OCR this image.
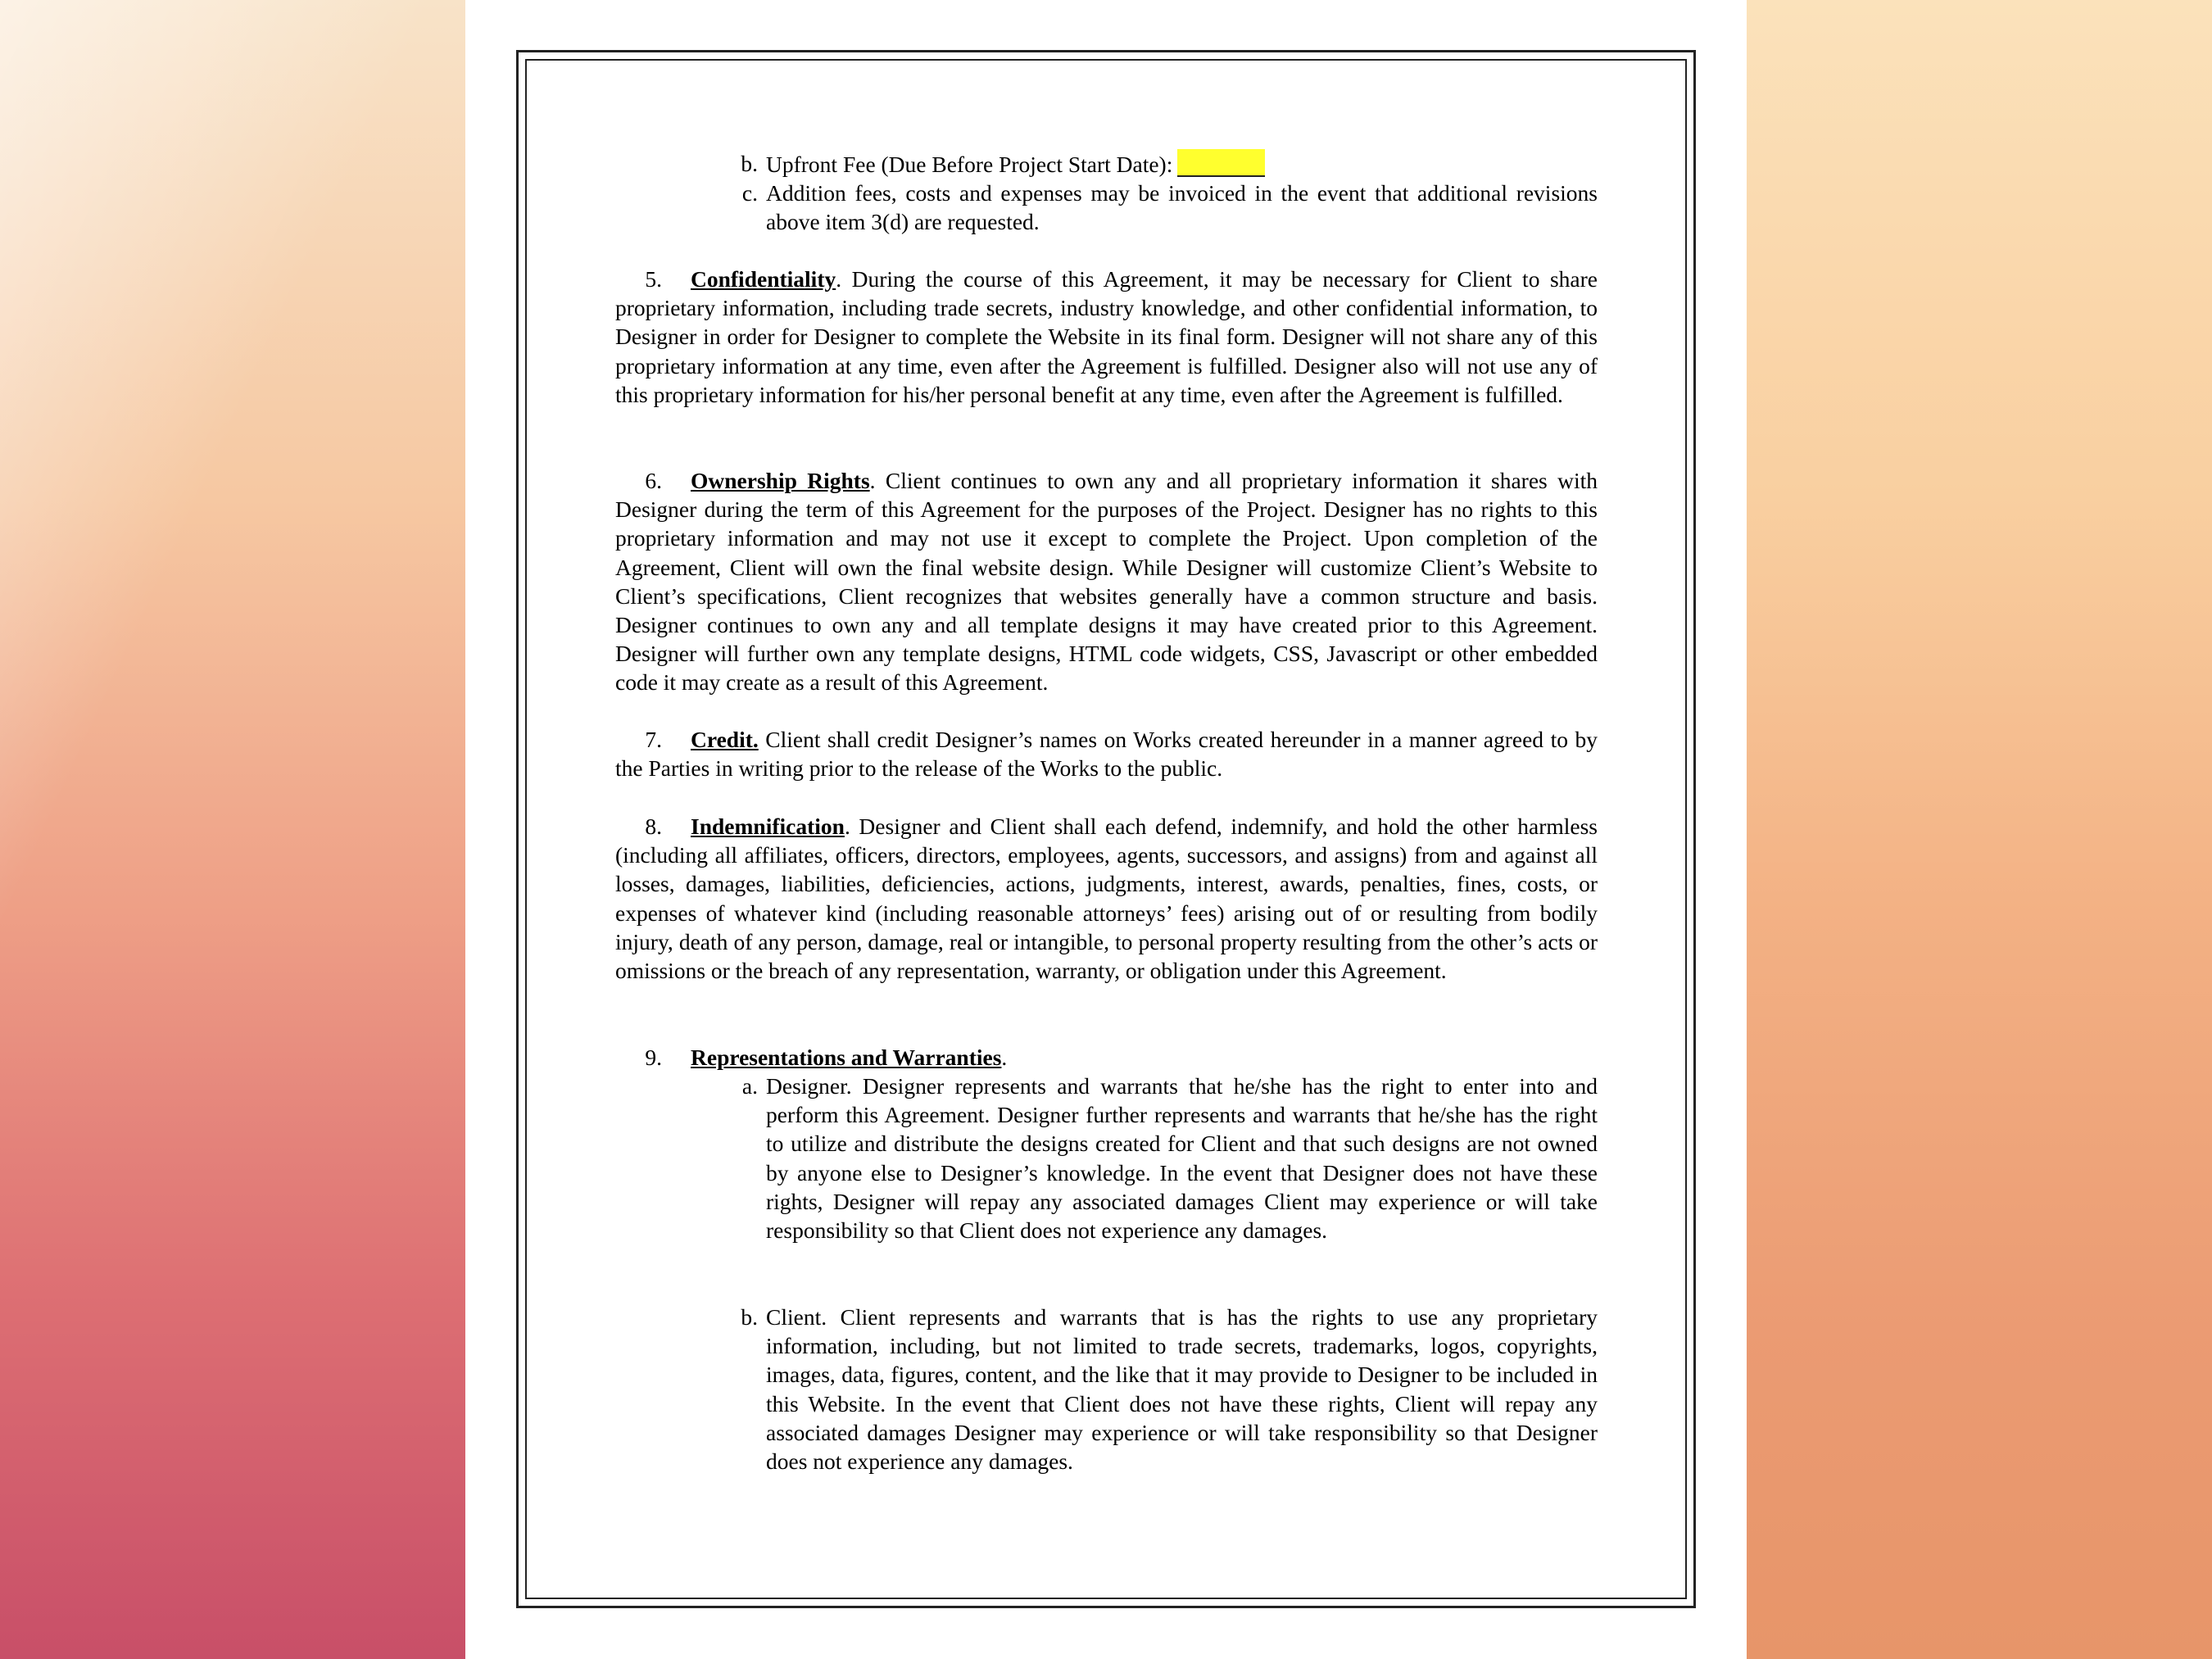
b. Upfront Fee (Due Before Project Start Date):
c. Addition fees, costs and expenses may be invoiced in the event that additional revisions above item 3(d) are requested.
5. Confidentiality. During the course of this Agreement, it may be necessary for Client to share proprietary information, including trade secrets, industry knowledge, and other confidential information, to Designer in order for Designer to complete the Website in its final form. Designer will not share any of this proprietary information at any time, even after the Agreement is fulfilled. Designer also will not use any of this proprietary information for his/her personal benefit at any time, even after the Agreement is fulfilled.
6. Ownership Rights. Client continues to own any and all proprietary information it shares with Designer during the term of this Agreement for the purposes of the Project. Designer has no rights to this proprietary information and may not use it except to complete the Project. Upon completion of the Agreement, Client will own the final website design. While Designer will customize Client’s Website to Client’s specifications, Client recognizes that websites generally have a common structure and basis. Designer continues to own any and all template designs it may have created prior to this Agreement. Designer will further own any template designs, HTML code widgets, CSS, Javascript or other embedded code it may create as a result of this Agreement.
7. Credit. Client shall credit Designer’s names on Works created hereunder in a manner agreed to by the Parties in writing prior to the release of the Works to the public.
8. Indemnification. Designer and Client shall each defend, indemnify, and hold the other harmless (including all affiliates, officers, directors, employees, agents, successors, and assigns) from and against all losses, damages, liabilities, deficiencies, actions, judgments, interest, awards, penalties, fines, costs, or expenses of whatever kind (including reasonable attorneys’ fees) arising out of or resulting from bodily injury, death of any person, damage, real or intangible, to personal property resulting from the other’s acts or omissions or the breach of any representation, warranty, or obligation under this Agreement.
9. Representations and Warranties.
a. Designer. Designer represents and warrants that he/she has the right to enter into and perform this Agreement. Designer further represents and warrants that he/she has the right to utilize and distribute the designs created for Client and that such designs are not owned by anyone else to Designer’s knowledge. In the event that Designer does not have these rights, Designer will repay any associated damages Client may experience or will take responsibility so that Client does not experience any damages.
b. Client. Client represents and warrants that is has the rights to use any proprietary information, including, but not limited to trade secrets, trademarks, logos, copyrights, images, data, figures, content, and the like that it may provide to Designer to be included in this Website. In the event that Client does not have these rights, Client will repay any associated damages Designer may experience or will take responsibility so that Designer does not experience any damages.
